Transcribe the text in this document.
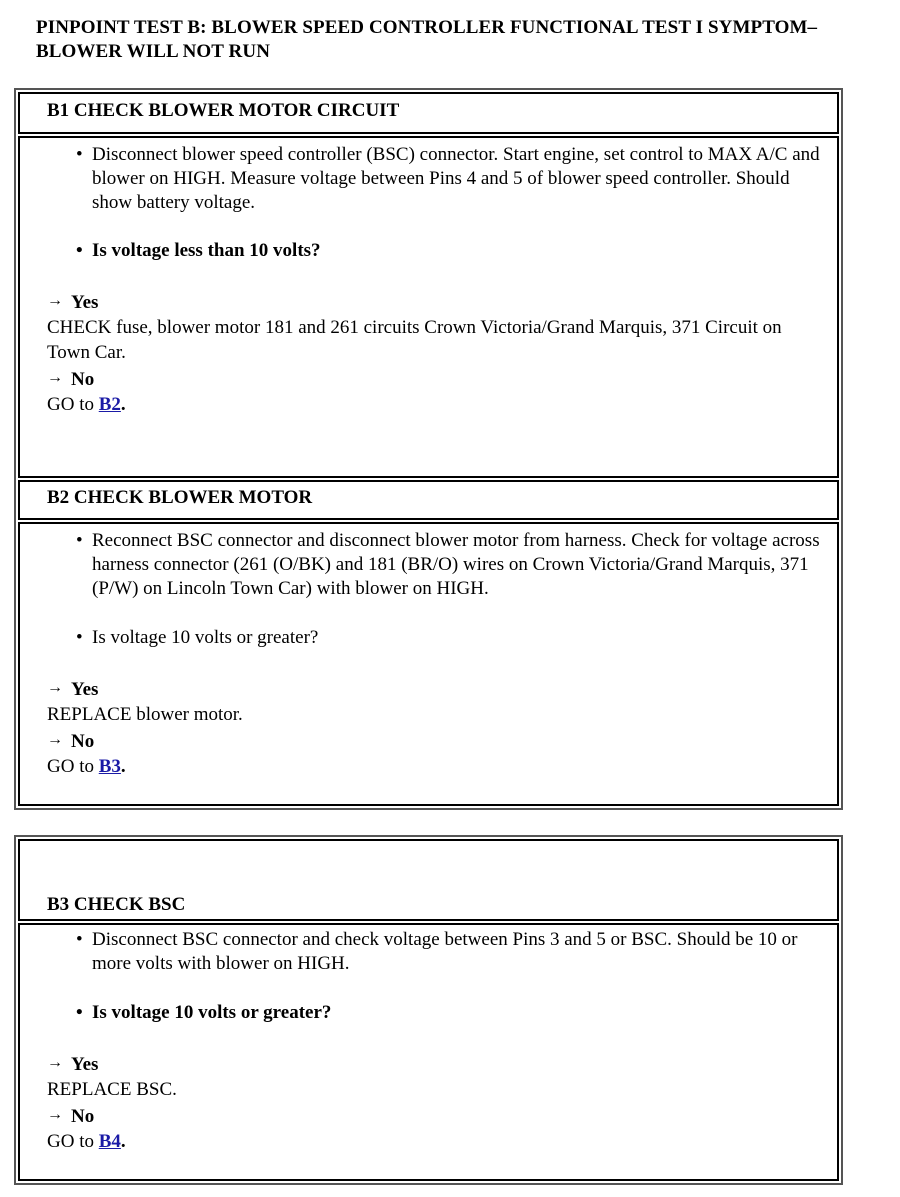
PINPOINT TEST B: BLOWER SPEED CONTROLLER FUNCTIONAL TEST I SYMPTOM–
BLOWER WILL NOT RUN
B1 CHECK BLOWER MOTOR CIRCUIT
• Disconnect blower speed controller (BSC) connector. Start engine, set control to MAX A/C and blower on HIGH. Measure voltage between Pins 4 and 5 of blower speed controller. Should show battery voltage.
• Is voltage less than 10 volts?
→ Yes
CHECK fuse, blower motor 181 and 261 circuits Crown Victoria/Grand Marquis, 371 Circuit on Town Car.
→ No
GO to B2.
B2 CHECK BLOWER MOTOR
• Reconnect BSC connector and disconnect blower motor from harness. Check for voltage across harness connector (261 (O/BK) and 181 (BR/O) wires on Crown Victoria/Grand Marquis, 371 (P/W) on Lincoln Town Car) with blower on HIGH.
• Is voltage 10 volts or greater?
→ Yes
REPLACE blower motor.
→ No
GO to B3.
B3 CHECK BSC
• Disconnect BSC connector and check voltage between Pins 3 and 5 or BSC. Should be 10 or more volts with blower on HIGH.
• Is voltage 10 volts or greater?
→ Yes
REPLACE BSC.
→ No
GO to B4.
